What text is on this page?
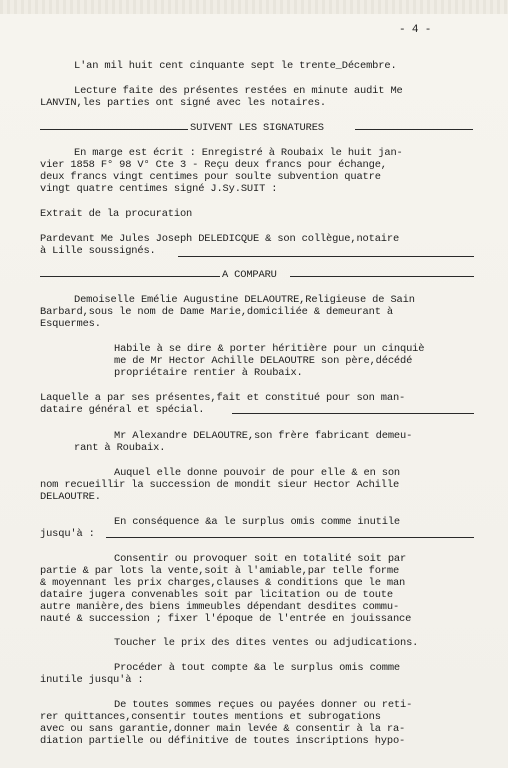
- 4 -
L'an mil huit cent cinquante sept le trente_Décembre.
Lecture faite des présentes restées en minute audit Me
LANVIN,les parties ont signé avec les notaires.
SUIVENT LES SIGNATURES
En marge est écrit : Enregistré à Roubaix le huit jan-
vier 1858 F° 98 V° Cte 3 - Reçu deux francs pour échange,
deux francs vingt centimes pour soulte subvention quatre
vingt quatre centimes signé J.Sy.SUIT :
Extrait de la procuration
Pardevant Me Jules Joseph DELEDICQUE & son collègue,notaire
à Lille soussignés.
A COMPARU
Demoiselle Emélie Augustine DELAOUTRE,Religieuse de Sain
Barbard,sous le nom de Dame Marie,domiciliée & demeurant à
Esquermes.
Habile à se dire & porter héritière pour un cinquiè
me de Mr Hector Achille DELAOUTRE son père,décédé
propriétaire rentier à Roubaix.
Laquelle a par ses présentes,fait et constitué pour son man-
dataire général et spécial.
Mr Alexandre DELAOUTRE,son frère fabricant demeu-
rant à Roubaix.
Auquel elle donne pouvoir de pour elle & en son
nom recueillir la succession de mondit sieur Hector Achille
DELAOUTRE.
En conséquence &a le surplus omis comme inutile
jusqu'à :
Consentir ou provoquer soit en totalité soit par
partie & par lots la vente,soit à l'amiable,par telle forme
& moyennant les prix charges,clauses & conditions que le man
dataire jugera convenables soit par licitation ou de toute
autre manière,des biens immeubles dépendant desdites commu-
nauté & succession ; fixer l'époque de l'entrée en jouissance
Toucher le prix des dites ventes ou adjudications.
Procéder à tout compte &a le surplus omis comme
inutile jusqu'à :
De toutes sommes reçues ou payées donner ou reti-
rer quittances,consentir toutes mentions et subrogations
avec ou sans garantie,donner main levée & consentir à la ra-
diation partielle ou définitive de toutes inscriptions hypo-
